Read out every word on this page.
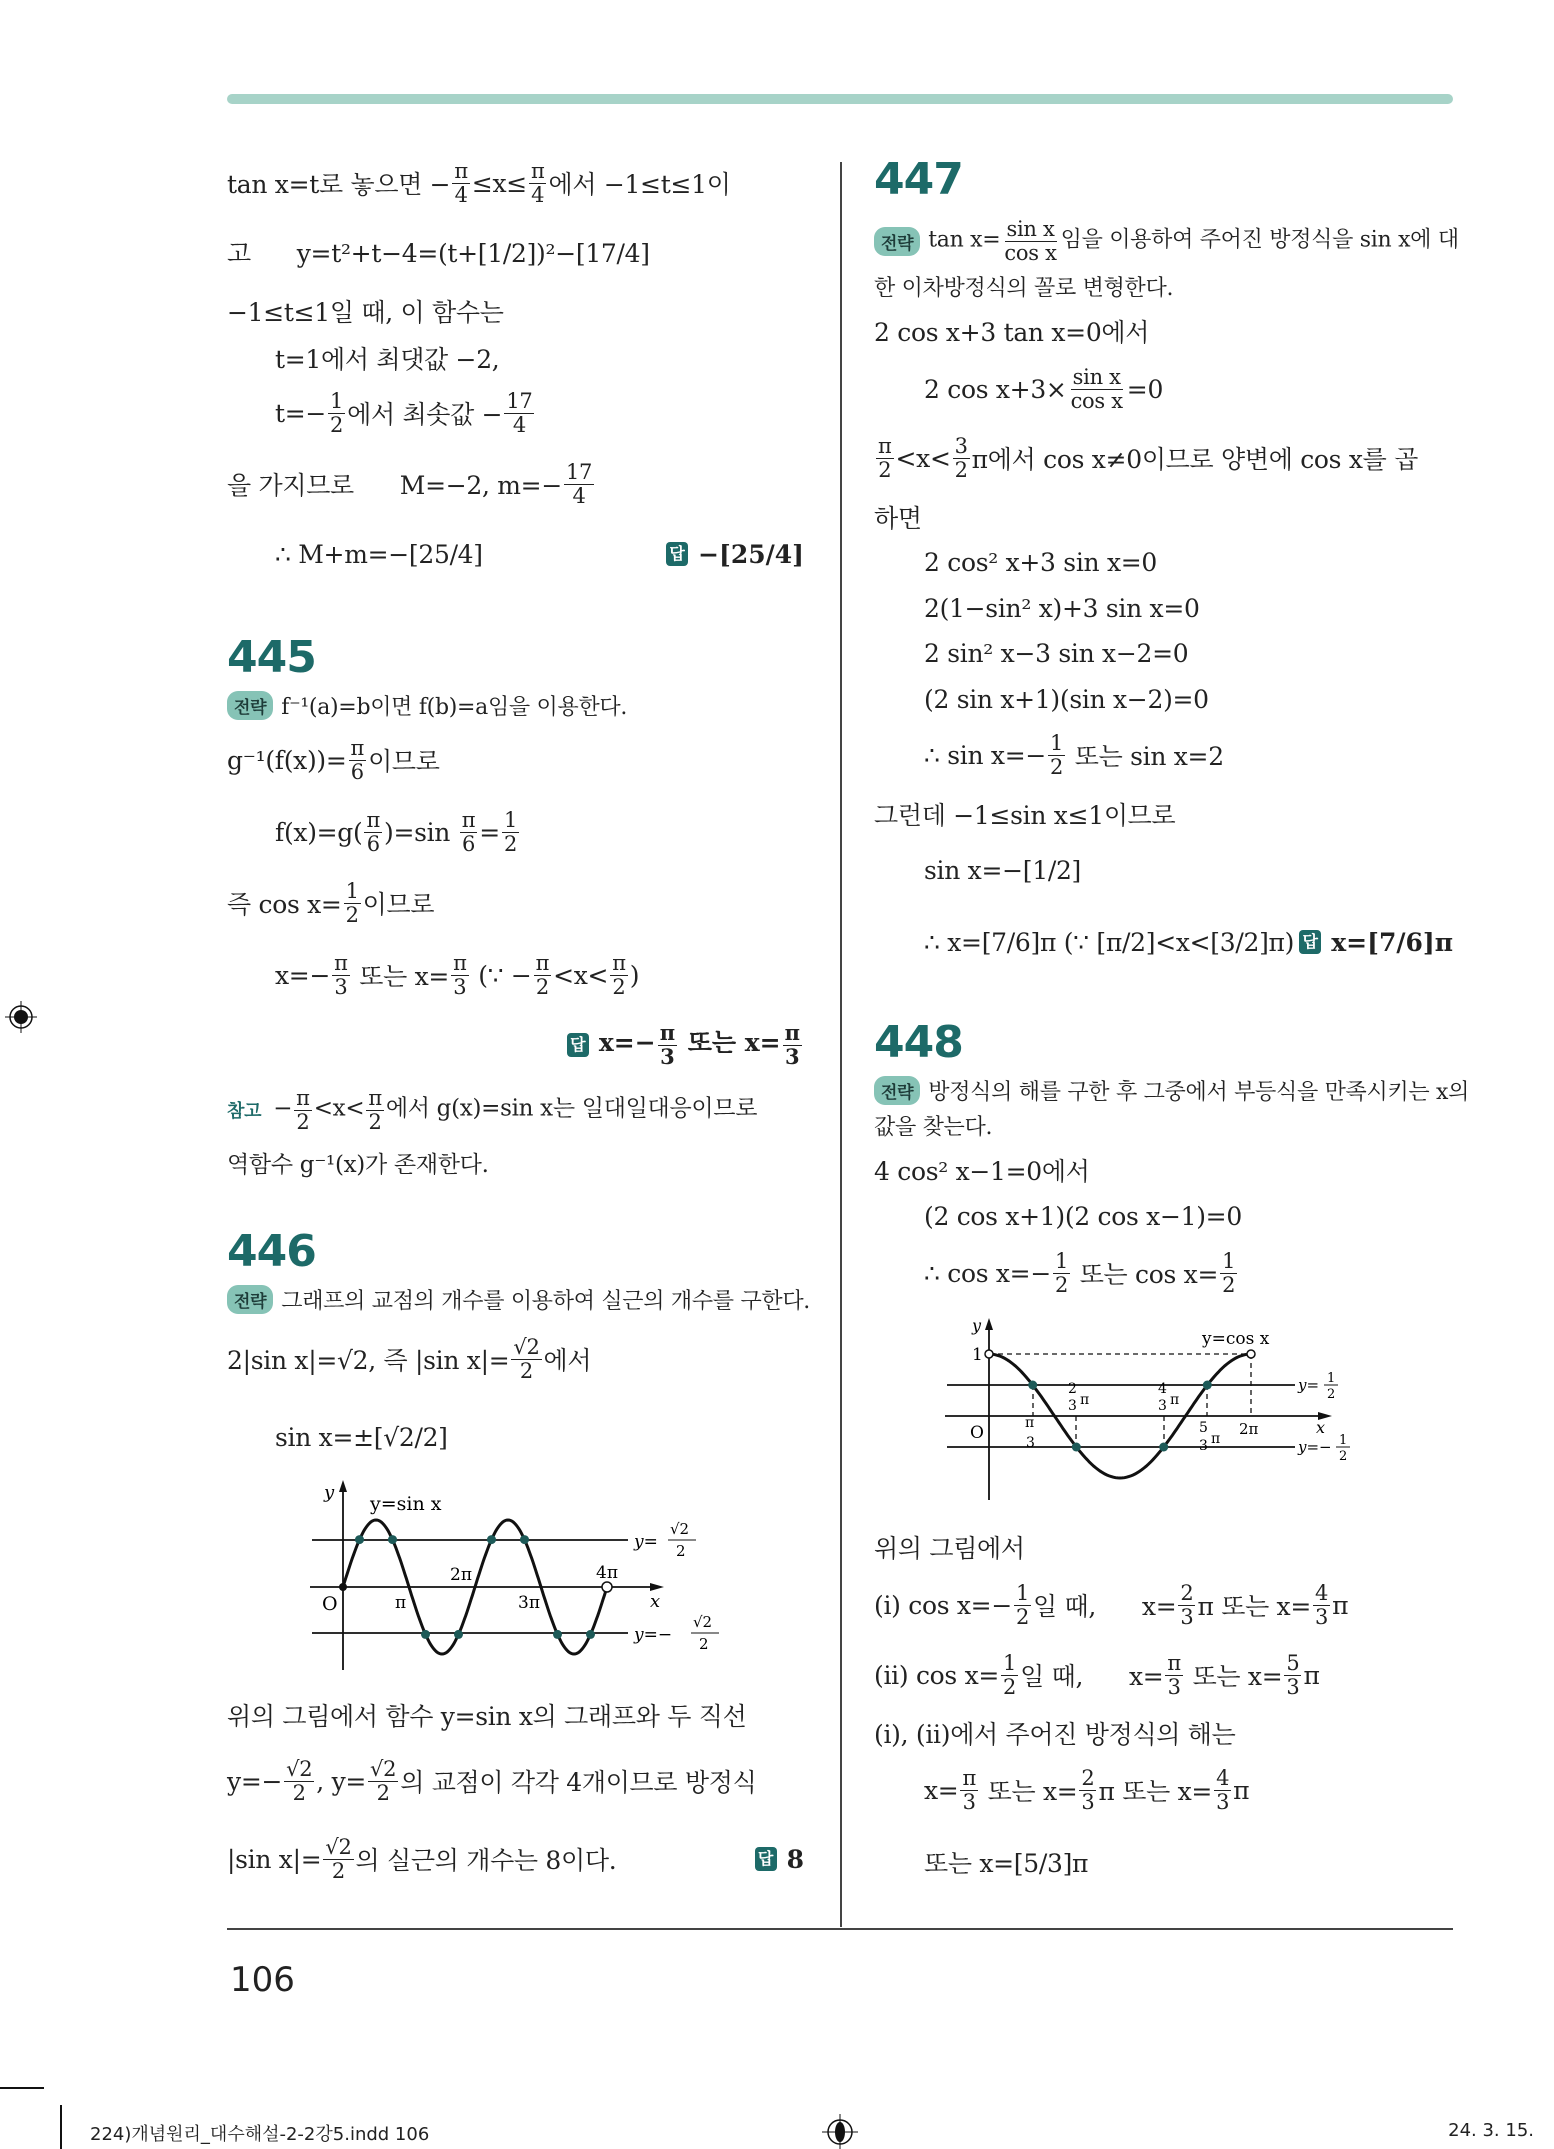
tan x=t로 놓으면 − $\frac{\pi}{4} \le x\le \frac{\pi}{4}$ 에서 −1≤t≤1이
고      y=t²+t−4=(t+[1/2])²−[17/4]
−1≤t≤1일 때, 이 함수는
t=1에서 최댓값 −2,
$t=- \frac{1}{2}$ 에서 최솟값 − $\frac{17}{4}$
을 가지므로      M=−2, $m=- \frac{17}{4}$
∴ M+m=−[25/4]	답 −[25/4]
445
전략 f⁻¹(a)=b이면 f(b)=a임을 이용한다.
$g^{-1}(f(x))= \frac{\pi}{6}$ 이므로
$f(x)=g( \frac{\pi}{6} )=\sin \frac{\pi}{6} = \frac{1}{2}$
즉 $\cos x= \frac{1}{2}$ 이므로
$x=- \frac{\pi}{3}$ 또는 $x= \frac{\pi}{3}$ (∵ − $\frac{\pi}{2} <x< \frac{\pi}{2}$ )
답 $x=- \frac{\pi}{3}$ 또는 $x= \frac{\pi}{3}$
참고 − $\frac{\pi}{2} <x< \frac{\pi}{2}$ 에서 g(x)=sin x는 일대일대응이므로
역함수 g⁻¹(x)가 존재한다.
446
전략 그래프의 교점의 개수를 이용하여 실근의 개수를 구한다.
2|sin x|=√2, 즉 |sin $x|= \frac{√2}{2}$ 에서
sin x=±[√2/2]
y
y=sin x
O	π
2π
3π
4π
x
y=
√2
2
y=−
√2
2
위의 그림에서 함수 y=sin x의 그래프와 두 직선
$y=- \frac{√2}{2}$ , $y= \frac{√2}{2}$ 의 교점이 각각 4개이므로 방정식
|sin $x|= \frac{√2}{2}$ 의 실근의 개수는 8이다.	답 8
447
전략 $\tan x= \frac{\text{sin x}}{\text{cos x}}$ 임을 이용하여 주어진 방정식을 sin x에 대
한 이차방정식의 꼴로 변형한다.
2 cos x+3 tan x=0에서
2 $\cos x+3\times \frac{\text{sin x}}{\text{cos x}} =0$
$\frac{\pi}{2} <x< \frac{3}{2}$ π에서 cos x≠0이므로 양변에 cos x를 곱
하면
2 cos² x+3 sin x=0
2(1−sin² x)+3 sin x=0
2 sin² x−3 sin x−2=0
(2 sin x+1)(sin x−2)=0
∴ $\sin x=- \frac{1}{2}$ 또는 sin x=2
그런데 −1≤sin x≤1이므로
sin x=−[1/2]
∴ x=[7/6]π (∵ [π/2]<x<[3/2]π) 답 x=[7/6]π
448
전략 방정식의 해를 구한 후 그중에서 부등식을 만족시키는 x의
값을 찾는다.
4 cos² x−1=0에서
(2 cos x+1)(2 cos x−1)=0
∴ $\cos x=- \frac{1}{2}$ 또는 $\cos x= \frac{1}{2}$
y
1
y=cos x
O	π
3
2
3 π
4
3 π
5
3 π
2π	x
y= 1
2
y=− 1
2
위의 그림에서
(i) $\cos x=- \frac{1}{2}$ 일 때,      $x= \frac{2}{3}$ π 또는 $x= \frac{4}{3}$ π
(ii) $\cos x= \frac{1}{2}$ 일 때,      $x= \frac{\pi}{3}$ 또는 $x= \frac{5}{3}$ π
(i), (ii)에서 주어진 방정식의 해는
$x= \frac{\pi}{3}$ 또는 $x= \frac{2}{3}$ π 또는 $x= \frac{4}{3}$ π
또는 x=[5/3]π
106
224)개념원리_대수해설-2-2강5.indd 106	24. 3. 15.
